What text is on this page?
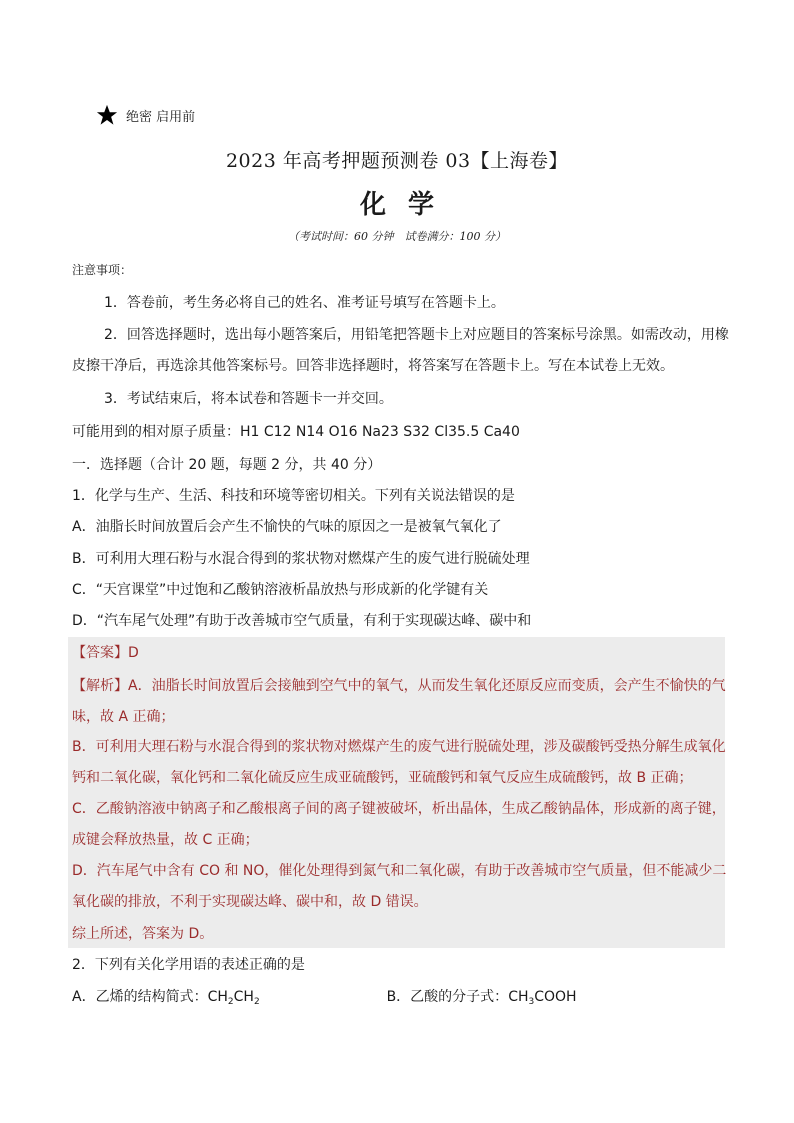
绝密 启用前
2023 年高考押题预测卷 03【上海卷】
化学
（考试时间：60 分钟　试卷满分：100 分）
注意事项：
1．答卷前，考生务必将自己的姓名、准考证号填写在答题卡上。
2．回答选择题时，选出每小题答案后，用铅笔把答题卡上对应题目的答案标号涂黑。如需改动，用橡
皮擦干净后，再选涂其他答案标号。回答非选择题时，将答案写在答题卡上。写在本试卷上无效。
3．考试结束后，将本试卷和答题卡一并交回。
可能用到的相对原子质量：H1 C12 N14 O16 Na23 S32 Cl35.5 Ca40
一．选择题（合计 20 题，每题 2 分，共 40 分）
1．化学与生产、生活、科技和环境等密切相关。下列有关说法错误的是
A．油脂长时间放置后会产生不愉快的气味的原因之一是被氧气氧化了
B．可利用大理石粉与水混合得到的浆状物对燃煤产生的废气进行脱硫处理
C．“天宫课堂”中过饱和乙酸钠溶液析晶放热与形成新的化学键有关
D．“汽车尾气处理”有助于改善城市空气质量，有利于实现碳达峰、碳中和
【答案】D
【解析】A．油脂长时间放置后会接触到空气中的氧气，从而发生氧化还原反应而变质，会产生不愉快的气
味，故 A 正确；
B．可利用大理石粉与水混合得到的浆状物对燃煤产生的废气进行脱硫处理，涉及碳酸钙受热分解生成氧化
钙和二氧化碳，氧化钙和二氧化硫反应生成亚硫酸钙，亚硫酸钙和氧气反应生成硫酸钙，故 B 正确；
C．乙酸钠溶液中钠离子和乙酸根离子间的离子键被破坏，析出晶体，生成乙酸钠晶体，形成新的离子键，
成键会释放热量，故 C 正确；
D．汽车尾气中含有 CO 和 NO，催化处理得到氮气和二氧化碳，有助于改善城市空气质量，但不能减少二
氧化碳的排放，不利于实现碳达峰、碳中和，故 D 错误。
综上所述，答案为 D。
2．下列有关化学用语的表述正确的是
A．乙烯的结构简式：$CH_2CH_2$	B．乙酸的分子式：$CH_3COOH$
